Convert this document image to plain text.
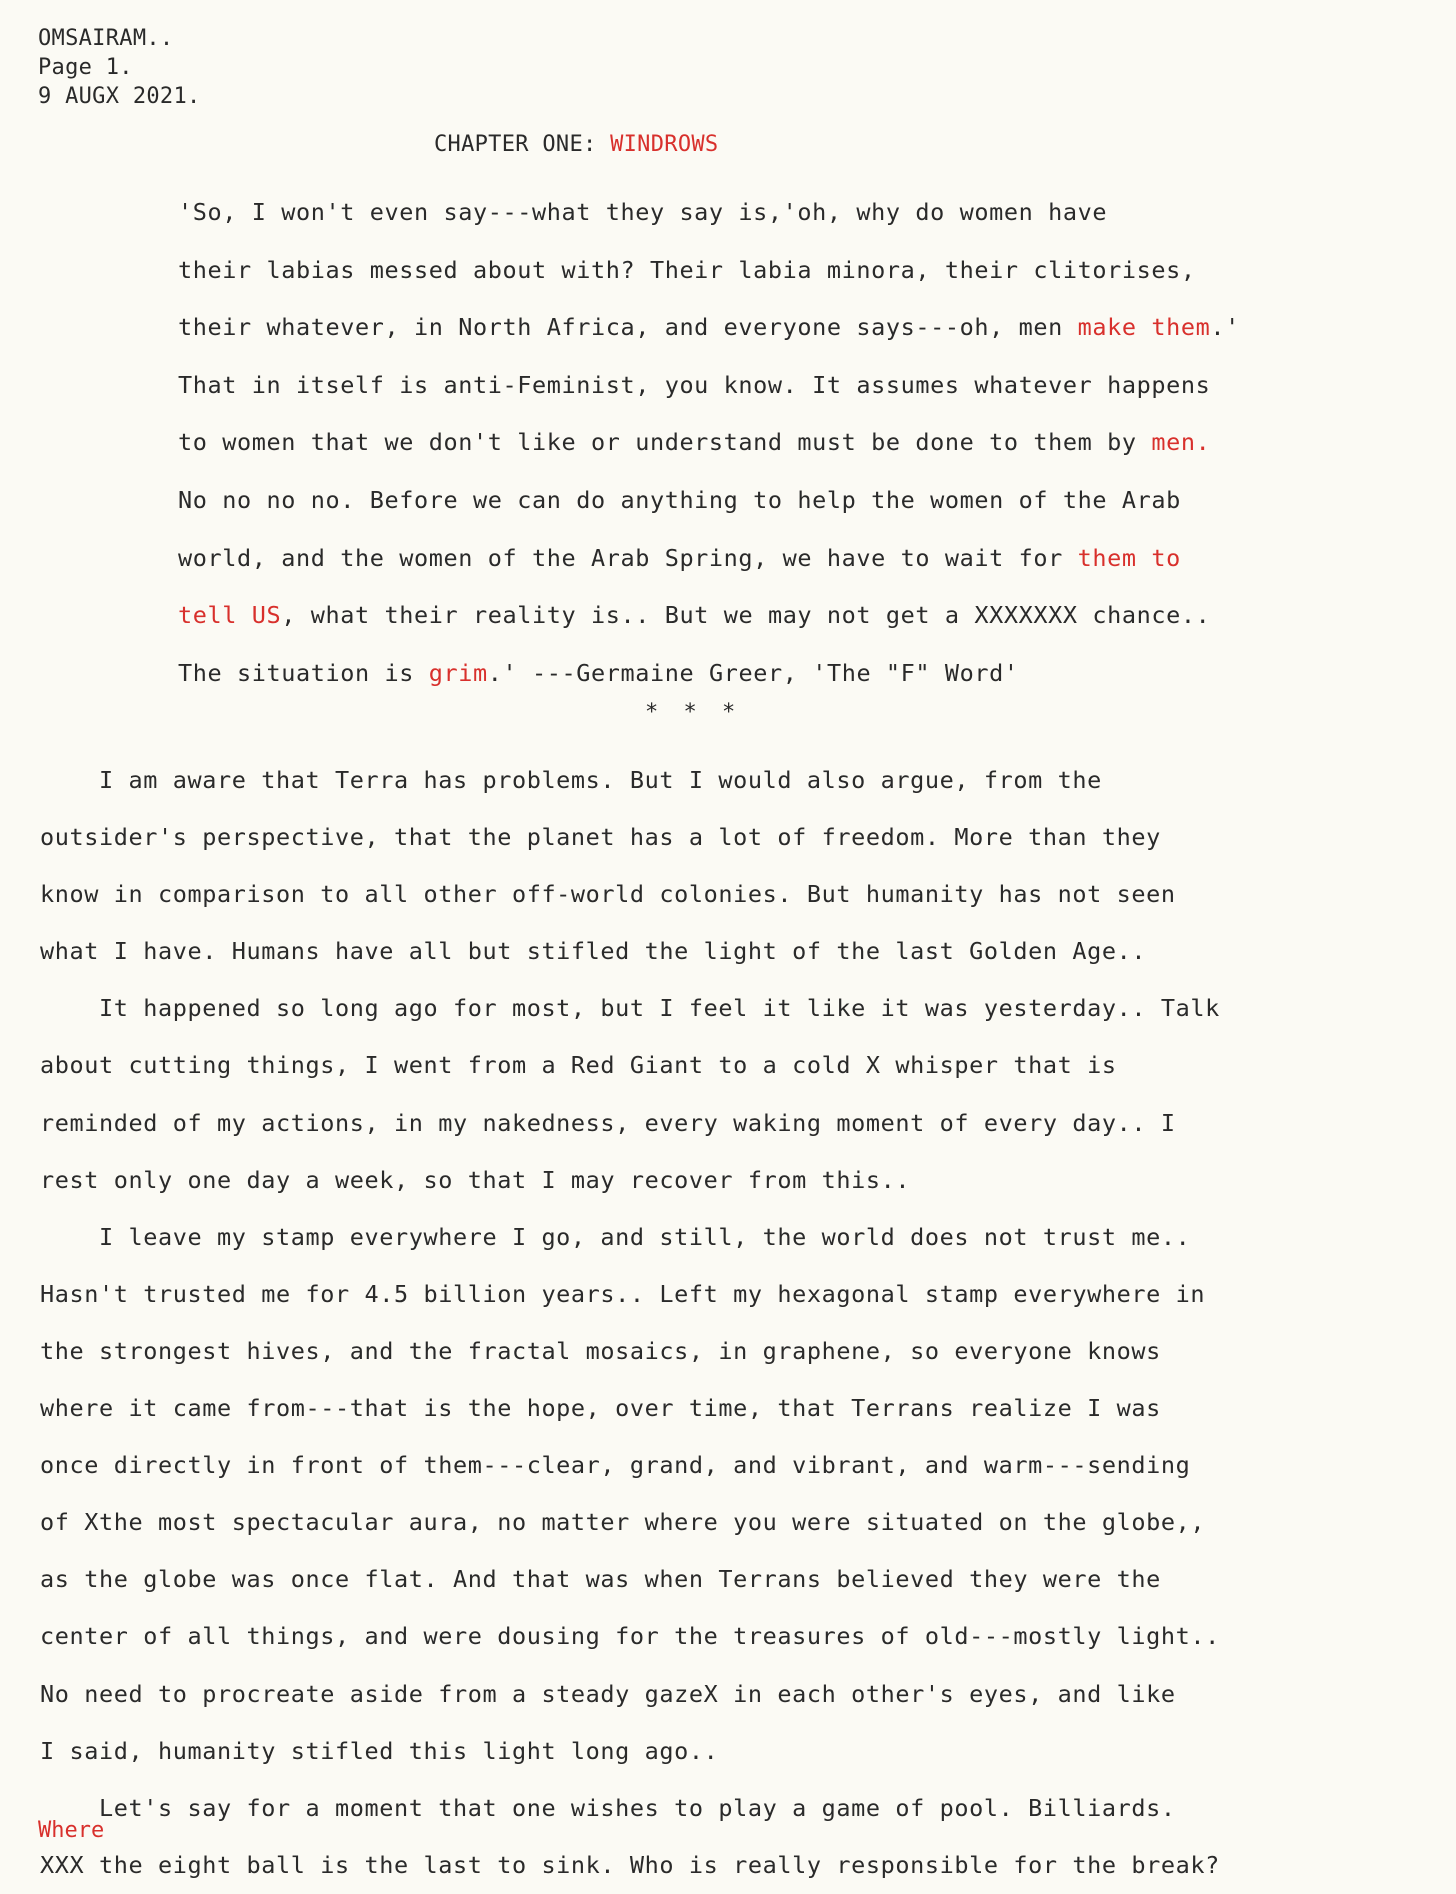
OMSAIRAM..
Page 1.
9 AUGX 2021.
CHAPTER ONE: WINDROWS
'So, I won't even say---what they say is,'oh, why do women have
their labias messed about with? Their labia minora, their clitorises,
their whatever, in North Africa, and everyone says---oh, men make them.'
That in itself is anti-Feminist, you know. It assumes whatever happens
to women that we don't like or understand must be done to them by men.
No no no no. Before we can do anything to help the women of the Arab
world, and the women of the Arab Spring, we have to wait for them to
tell US, what their reality is.. But we may not get a XXXXXXX chance..
The situation is grim.' ---Germaine Greer, 'The "F" Word'
* * *
I am aware that Terra has problems. But I would also argue, from the
outsider's perspective, that the planet has a lot of freedom. More than they
know in comparison to all other off-world colonies. But humanity has not seen
what I have. Humans have all but stifled the light of the last Golden Age..
It happened so long ago for most, but I feel it like it was yesterday.. Talk
about cutting things, I went from a Red Giant to a cold X whisper that is
reminded of my actions, in my nakedness, every waking moment of every day.. I
rest only one day a week, so that I may recover from this..
I leave my stamp everywhere I go, and still, the world does not trust me..
Hasn't trusted me for 4.5 billion years.. Left my hexagonal stamp everywhere in
the strongest hives, and the fractal mosaics, in graphene, so everyone knows
where it came from---that is the hope, over time, that Terrans realize I was
once directly in front of them---clear, grand, and vibrant, and warm---sending
of Xthe most spectacular aura, no matter where you were situated on the globe,,
as the globe was once flat. And that was when Terrans believed they were the
center of all things, and were dousing for the treasures of old---mostly light..
No need to procreate aside from a steady gazeX in each other's eyes, and like
I said, humanity stifled this light long ago..
Let's say for a moment that one wishes to play a game of pool. Billiards.
XXX the eight ball is the last to sink. Who is really responsible for the break?
Where
